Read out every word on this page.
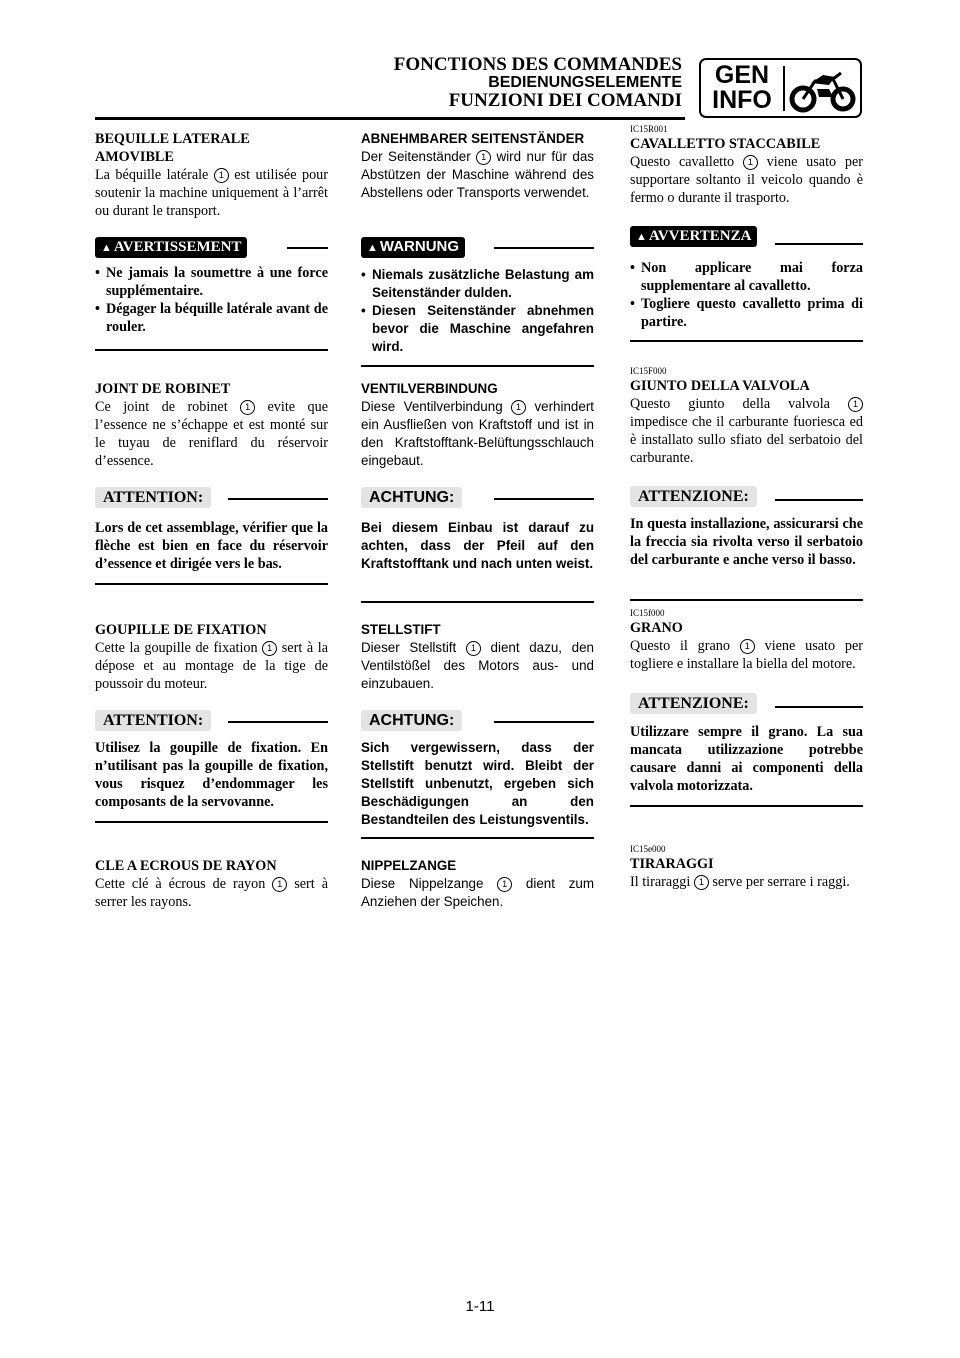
FONCTIONS DES COMMANDES
BEDIENUNGSELEMENTE
FUNZIONI DEI COMANDI
GEN
INFO
BEQUILLE LATERALE
AMOVIBLE
La béquille latérale 1 est utilisée pour soutenir la machine uniquement à l’arrêt ou durant le transport.
▲ AVERTISSEMENT
• Ne jamais la soumettre à une force supplémentaire.
• Dégager la béquille latérale avant de rouler.
JOINT DE ROBINET
Ce joint de robinet 1 evite que l’essence ne s’échappe et est monté sur le tuyau de reniflard du réservoir d’essence.
ATTENTION:
Lors de cet assemblage, vérifier que la flèche est bien en face du réservoir d’essence et dirigée vers le bas.
GOUPILLE DE FIXATION
Cette la goupille de fixation 1 sert à la dépose et au montage de la tige de poussoir du moteur.
ATTENTION:
Utilisez la goupille de fixation. En n’utilisant pas la goupille de fixation, vous risquez d’endommager les composants de la servovanne.
CLE A ECROUS DE RAYON
Cette clé à écrous de rayon 1 sert à serrer les rayons.
ABNEHMBARER SEITENSTÄNDER
Der Seitenständer 1 wird nur für das Abstützen der Maschine während des Abstellens oder Transports verwendet.
▲ WARNUNG
• Niemals zusätzliche Belastung am Seitenständer dulden.
• Diesen Seitenständer abnehmen bevor die Maschine angefahren wird.
VENTILVERBINDUNG
Diese Ventilverbindung 1 verhindert ein Ausfließen von Kraftstoff und ist in den Kraftstofftank-Belüftungsschlauch eingebaut.
ACHTUNG:
Bei diesem Einbau ist darauf zu achten, dass der Pfeil auf den Kraftstofftank und nach unten weist.
STELLSTIFT
Dieser Stellstift 1 dient dazu, den Ventilstößel des Motors aus- und einzubauen.
ACHTUNG:
Sich vergewissern, dass der Stellstift benutzt wird. Bleibt der Stellstift unbenutzt, ergeben sich Beschädigungen an den Bestandteilen des Leistungsventils.
NIPPELZANGE
Diese Nippelzange 1 dient zum Anziehen der Speichen.
IC15R001
CAVALLETTO STACCABILE
Questo cavalletto 1 viene usato per supportare soltanto il veicolo quando è fermo o durante il trasporto.
▲ AVVERTENZA
• Non applicare mai forza supplementare al cavalletto.
• Togliere questo cavalletto prima di partire.
IC15F000
GIUNTO DELLA VALVOLA
Questo giunto della valvola 1 impedisce che il carburante fuoriesca ed è installato sullo sfiato del serbatoio del carburante.
ATTENZIONE:
In questa installazione, assicurarsi che la freccia sia rivolta verso il serbatoio del carburante e anche verso il basso.
IC15f000
GRANO
Questo il grano 1 viene usato per togliere e installare la biella del motore.
ATTENZIONE:
Utilizzare sempre il grano. La sua mancata utilizzazione potrebbe causare danni ai componenti della valvola motorizzata.
IC15e000
TIRARAGGI
Il tiraraggi 1 serve per serrare i raggi.
1-11
